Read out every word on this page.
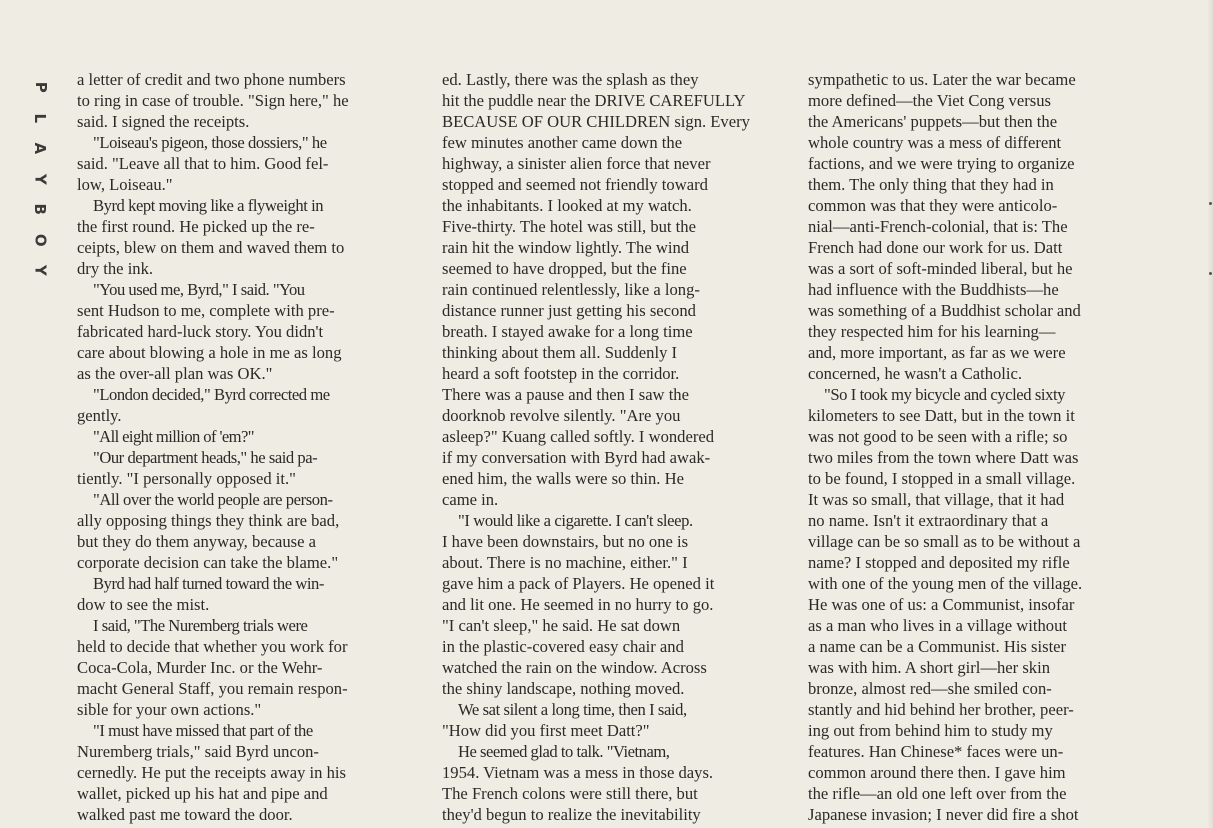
P
L
A
Y
B
O
Y
a letter of credit and two phone numbers
to ring in case of trouble. "Sign here," he
said. I signed the receipts.
"Loiseau's pigeon, those dossiers," he
said. "Leave all that to him. Good fel-
low, Loiseau."
Byrd kept moving like a flyweight in
the first round. He picked up the re-
ceipts, blew on them and waved them to
dry the ink.
"You used me, Byrd," I said. "You
sent Hudson to me, complete with pre-
fabricated hard-luck story. You didn't
care about blowing a hole in me as long
as the over-all plan was OK."
"London decided," Byrd corrected me
gently.
"All eight million of 'em?"
"Our department heads," he said pa-
tiently. "I personally opposed it."
"All over the world people are person-
ally opposing things they think are bad,
but they do them anyway, because a
corporate decision can take the blame."
Byrd had half turned toward the win-
dow to see the mist.
I said, "The Nuremberg trials were
held to decide that whether you work for
Coca-Cola, Murder Inc. or the Wehr-
macht General Staff, you remain respon-
sible for your own actions."
"I must have missed that part of the
Nuremberg trials," said Byrd uncon-
cernedly. He put the receipts away in his
wallet, picked up his hat and pipe and
walked past me toward the door.
ed. Lastly, there was the splash as they
hit the puddle near the DRIVE CAREFULLY
BECAUSE OF OUR CHILDREN sign. Every
few minutes another came down the
highway, a sinister alien force that never
stopped and seemed not friendly toward
the inhabitants. I looked at my watch.
Five-thirty. The hotel was still, but the
rain hit the window lightly. The wind
seemed to have dropped, but the fine
rain continued relentlessly, like a long-
distance runner just getting his second
breath. I stayed awake for a long time
thinking about them all. Suddenly I
heard a soft footstep in the corridor.
There was a pause and then I saw the
doorknob revolve silently. "Are you
asleep?" Kuang called softly. I wondered
if my conversation with Byrd had awak-
ened him, the walls were so thin. He
came in.
"I would like a cigarette. I can't sleep.
I have been downstairs, but no one is
about. There is no machine, either." I
gave him a pack of Players. He opened it
and lit one. He seemed in no hurry to go.
"I can't sleep," he said. He sat down
in the plastic-covered easy chair and
watched the rain on the window. Across
the shiny landscape, nothing moved.
We sat silent a long time, then I said,
"How did you first meet Datt?"
He seemed glad to talk. "Vietnam,
1954. Vietnam was a mess in those days.
The French colons were still there, but
they'd begun to realize the inevitability
sympathetic to us. Later the war became
more defined—the Viet Cong versus
the Americans' puppets—but then the
whole country was a mess of different
factions, and we were trying to organize
them. The only thing that they had in
common was that they were anticolo-
nial—anti-French-colonial, that is: The
French had done our work for us. Datt
was a sort of soft-minded liberal, but he
had influence with the Buddhists—he
was something of a Buddhist scholar and
they respected him for his learning—
and, more important, as far as we were
concerned, he wasn't a Catholic.
"So I took my bicycle and cycled sixty
kilometers to see Datt, but in the town it
was not good to be seen with a rifle; so
two miles from the town where Datt was
to be found, I stopped in a small village.
It was so small, that village, that it had
no name. Isn't it extraordinary that a
village can be so small as to be without a
name? I stopped and deposited my rifle
with one of the young men of the village.
He was one of us: a Communist, insofar
as a man who lives in a village without
a name can be a Communist. His sister
was with him. A short girl—her skin
bronze, almost red—she smiled con-
stantly and hid behind her brother, peer-
ing out from behind him to study my
features. Han Chinese* faces were un-
common around there then. I gave him
the rifle—an old one left over from the
Japanese invasion; I never did fire a shot
